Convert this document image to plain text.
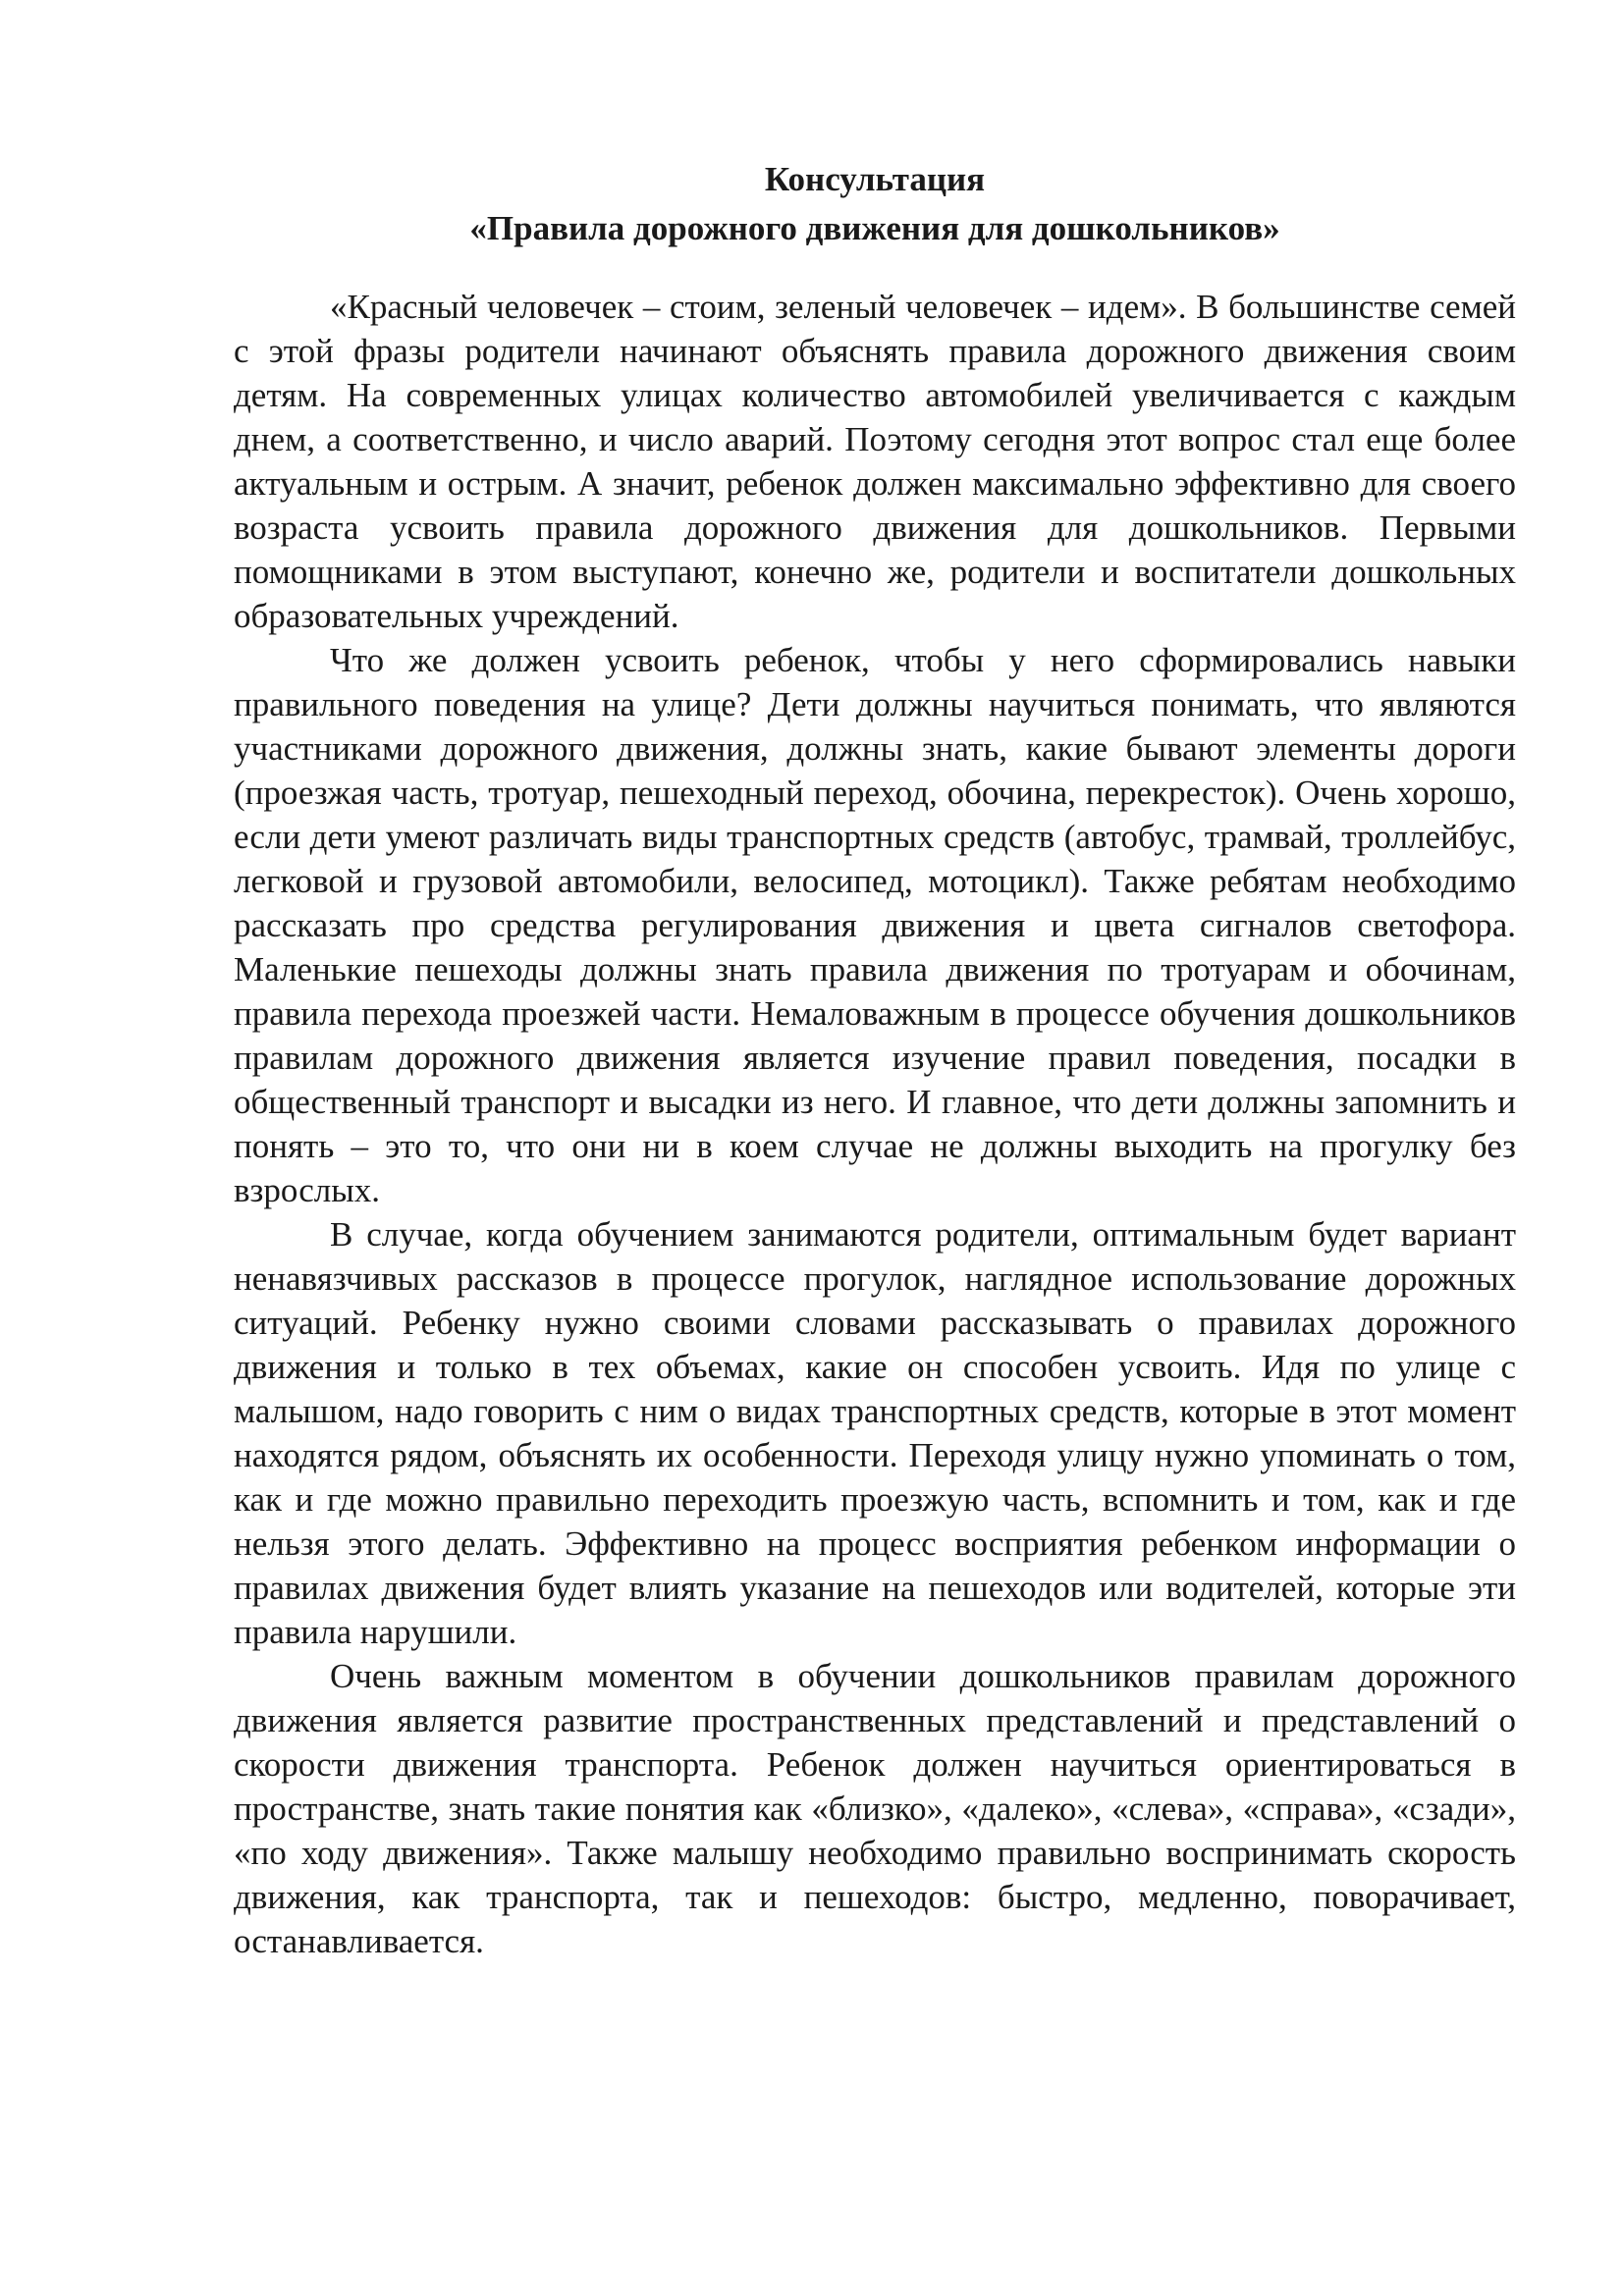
Консультация
«Правила дорожного движения для дошкольников»

«Красный человечек – стоим, зеленый человечек – идем». В большинстве семей с этой фразы родители начинают объяснять правила дорожного движения своим детям. На современных улицах количество автомобилей увеличивается с каждым днем, а соответственно, и число аварий. Поэтому сегодня этот вопрос стал еще более актуальным и острым. А значит, ребенок должен максимально эффективно для своего возраста усвоить правила дорожного движения для дошкольников. Первыми помощниками в этом выступают, конечно же, родители и воспитатели дошкольных образовательных учреждений.

Что же должен усвоить ребенок, чтобы у него сформировались навыки правильного поведения на улице? Дети должны научиться понимать, что являются участниками дорожного движения, должны знать, какие бывают элементы дороги (проезжая часть, тротуар, пешеходный переход, обочина, перекресток). Очень хорошо, если дети умеют различать виды транспортных средств (автобус, трамвай, троллейбус, легковой и грузовой автомобили, велосипед, мотоцикл). Также ребятам необходимо рассказать про средства регулирования движения и цвета сигналов светофора. Маленькие пешеходы должны знать правила движения по тротуарам и обочинам, правила перехода проезжей части. Немаловажным в процессе обучения дошкольников правилам дорожного движения является изучение правил поведения, посадки в общественный транспорт и высадки из него. И главное, что дети должны запомнить и понять – это то, что они ни в коем случае не должны выходить на прогулку без взрослых.

В случае, когда обучением занимаются родители, оптимальным будет вариант ненавязчивых рассказов в процессе прогулок, наглядное использование дорожных ситуаций. Ребенку нужно своими словами рассказывать о правилах дорожного движения и только в тех объемах, какие он способен усвоить. Идя по улице с малышом, надо говорить с ним о видах транспортных средств, которые в этот момент находятся рядом, объяснять их особенности. Переходя улицу нужно упоминать о том, как и где можно правильно переходить проезжую часть, вспомнить и том, как и где нельзя этого делать. Эффективно на процесс восприятия ребенком информации о правилах движения будет влиять указание на пешеходов или водителей, которые эти правила нарушили.

Очень важным моментом в обучении дошкольников правилам дорожного движения является развитие пространственных представлений и представлений о скорости движения транспорта. Ребенок должен научиться ориентироваться в пространстве, знать такие понятия как «близко», «далеко», «слева», «справа», «сзади», «по ходу движения». Также малышу необходимо правильно воспринимать скорость движения, как транспорта, так и пешеходов: быстро, медленно, поворачивает, останавливается.
